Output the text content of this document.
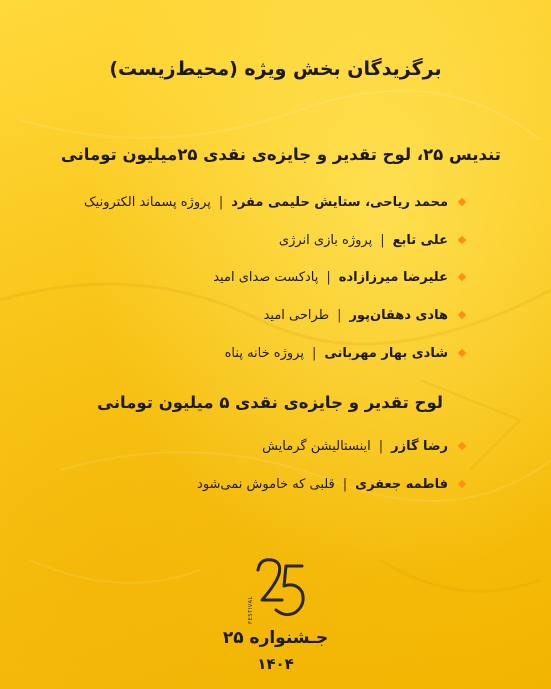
برگزیدگان بخش ویژه (محیط‌زیست)
تندیس ۲۵، لوح تقدیر و جایزه‌ی نقدی ۲۵میلیون تومانی
محمد ریاحی، ستایش حلیمی مفرد
|
پروژه پسماند الکترونیک
علی تابع
|
پروژه بازی انرژی
علیرضا میرزازاده
|
پادکست صدای امید
هادی دهقان‌پور
|
طراحی امید
شادی بهار مهربانی
|
پروژه خانه پناه
لوح تقدیر و جایزه‌ی نقدی ۵ میلیون تومانی
رضا گازر
|
اینستالیشن گرمایش
فاطمه جعفری
|
قلبی که خاموش نمی‌شود
FESTIVAL
جـشنواره ۲۵
۱۴۰۴
